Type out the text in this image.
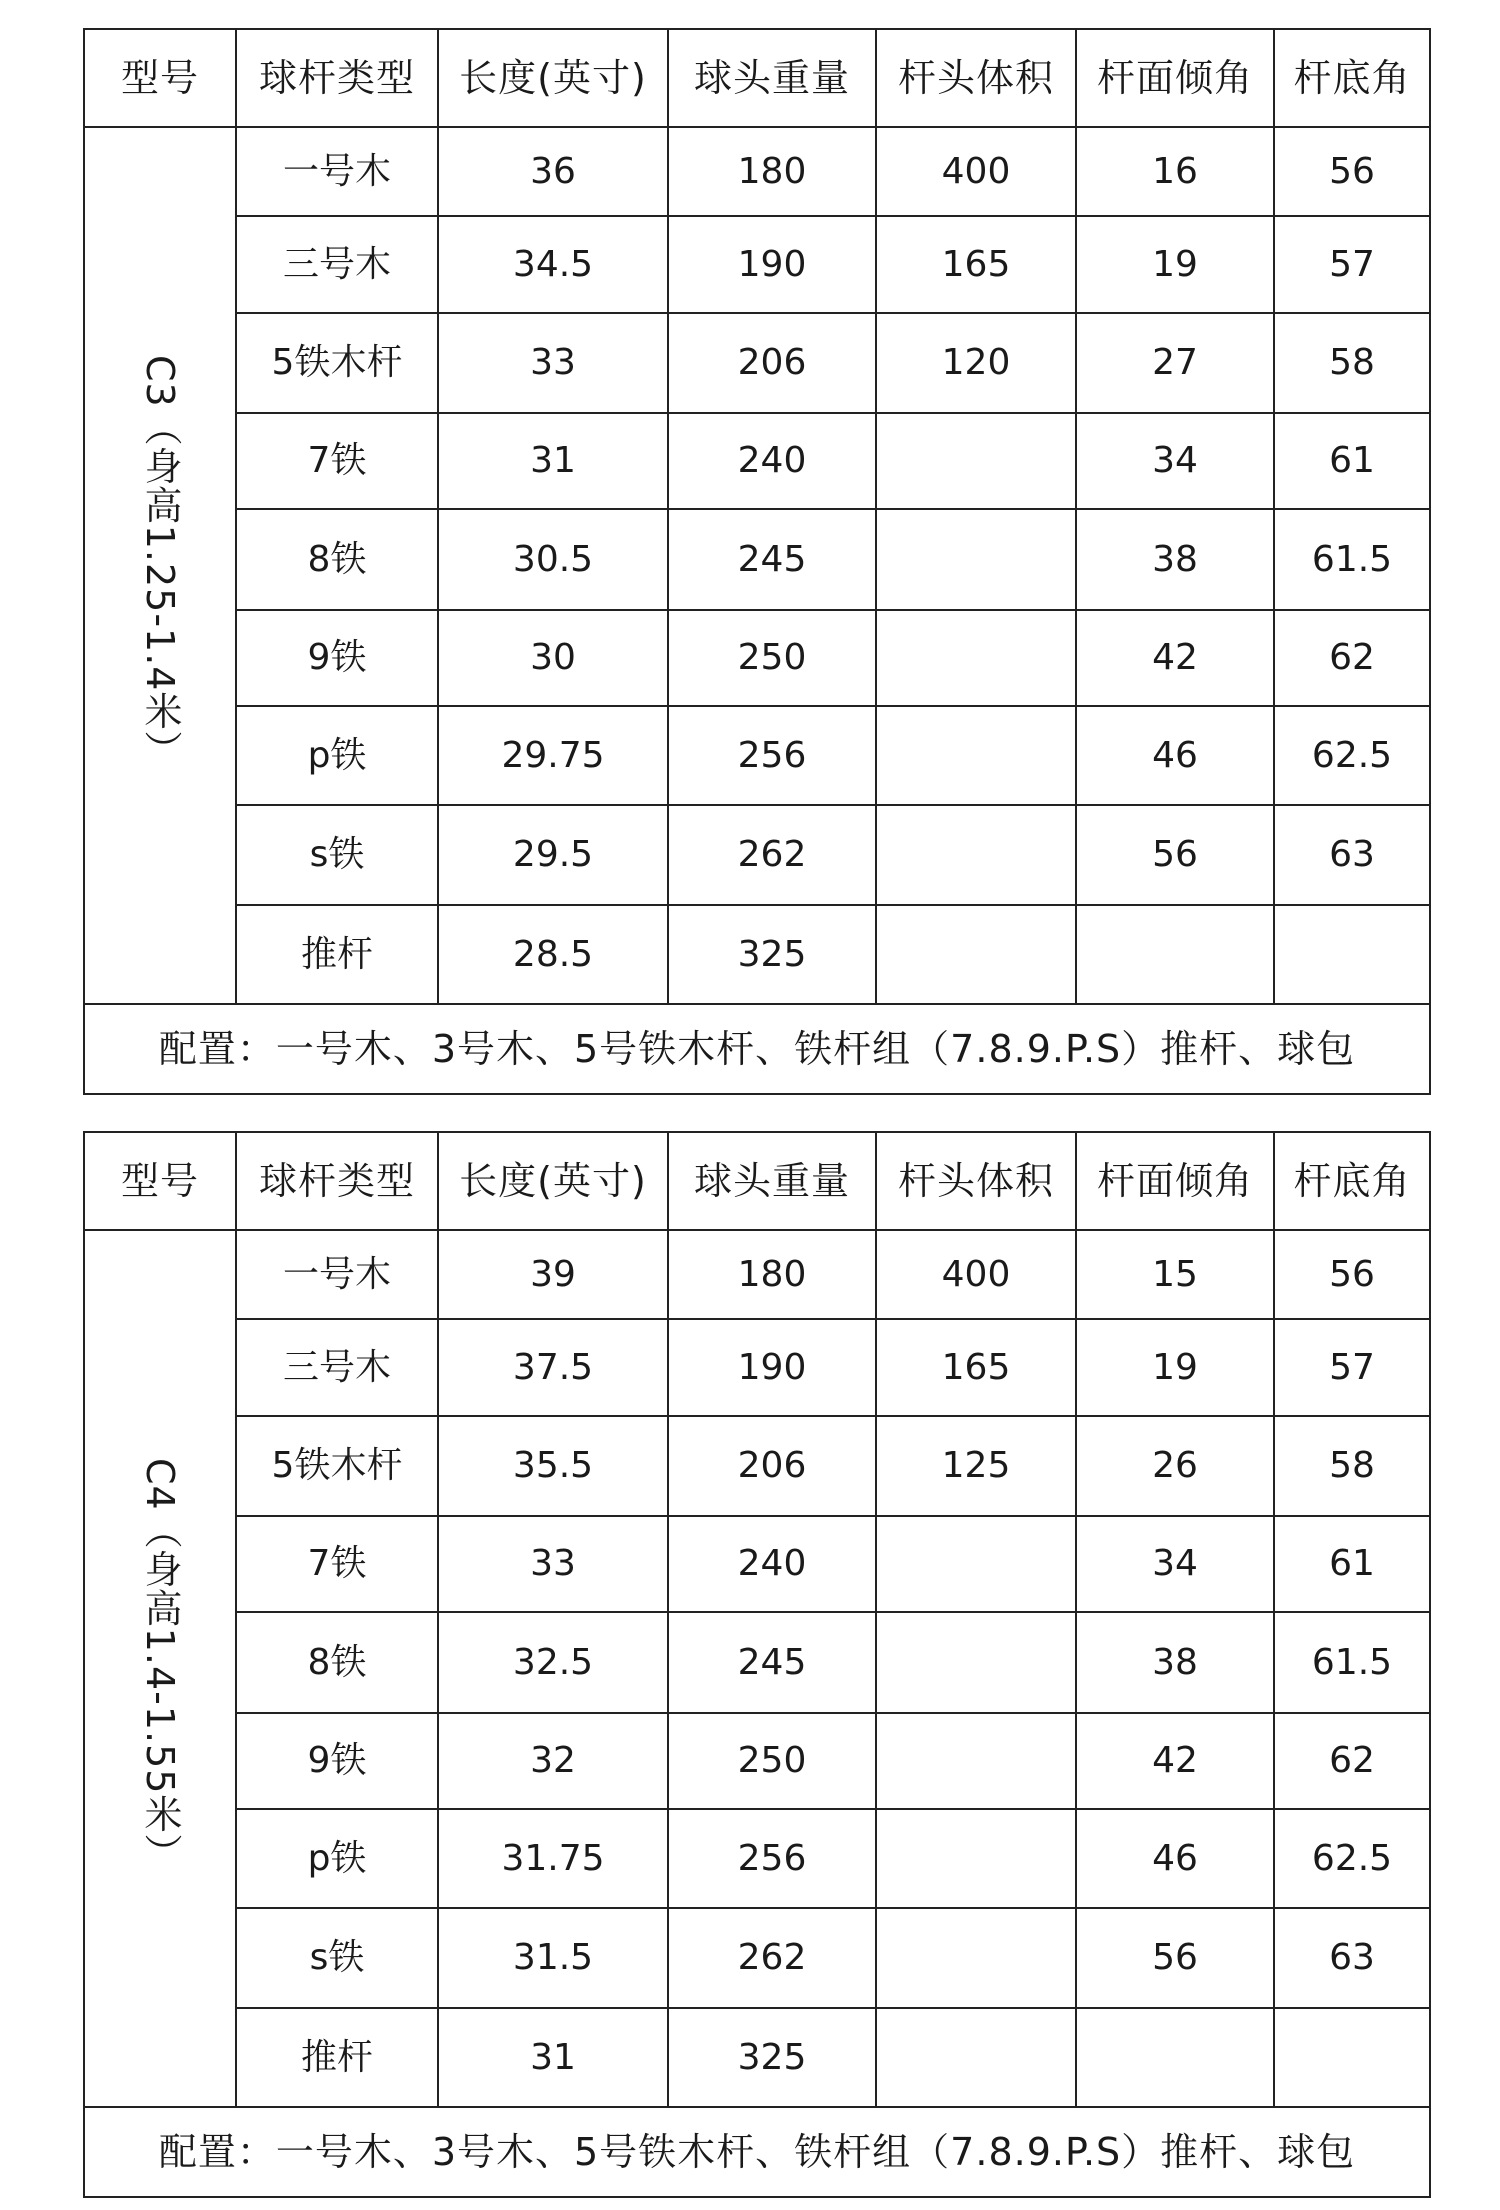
型号	球杆类型	长度(英寸)	球头重量	杆头体积	杆面倾角	杆底角
C3（身高1.25-1.4米）	一号木	36	180	400	16	56
	三号木	34.5	190	165	19	57
	5铁木杆	33	206	120	27	58
	7铁	31	240		34	61
	8铁	30.5	245		38	61.5
	9铁	30	250		42	62
	p铁	29.75	256		46	62.5
	s铁	29.5	262		56	63
	推杆	28.5	325			
配置：一号木、3号木、5号铁木杆、铁杆组（7.8.9.P.S）推杆、球包						
型号	球杆类型	长度(英寸)	球头重量	杆头体积	杆面倾角	杆底角
C4（身高1.4-1.55米）	一号木	39	180	400	15	56
	三号木	37.5	190	165	19	57
	5铁木杆	35.5	206	125	26	58
	7铁	33	240		34	61
	8铁	32.5	245		38	61.5
	9铁	32	250		42	62
	p铁	31.75	256		46	62.5
	s铁	31.5	262		56	63
	推杆	31	325			
配置：一号木、3号木、5号铁木杆、铁杆组（7.8.9.P.S）推杆、球包						
